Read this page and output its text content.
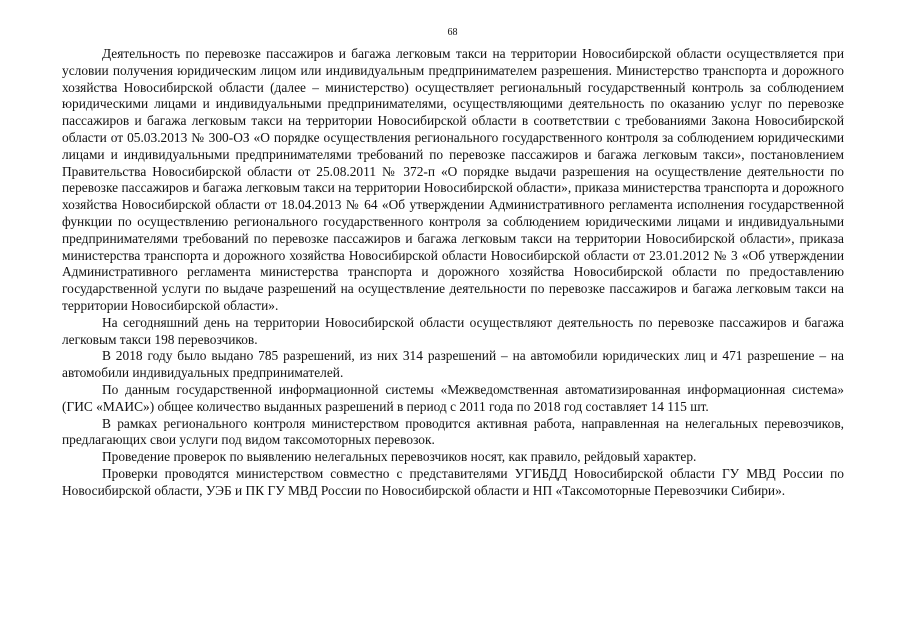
68

Деятельность по перевозке пассажиров и багажа легковым такси на территории Новосибирской области осуществляется при условии получения юридическим лицом или индивидуальным предпринимателем разрешения. Министерство транспорта и дорожного хозяйства Новосибирской области (далее – министерство) осуществляет региональный государственный контроль за соблюдением юридическими лицами и индивидуальными предпринимателями, осуществляющими деятельность по оказанию услуг по перевозке пассажиров и багажа легковым такси на территории Новосибирской области в соответствии с требованиями Закона Новосибирской области от 05.03.2013 № 300-ОЗ «О порядке осуществления регионального государственного контроля за соблюдением юридическими лицами и индивидуальными предпринимателями требований по перевозке пассажиров и багажа легковым такси», постановлением Правительства Новосибирской области от 25.08.2011 № 372-п «О порядке выдачи разрешения на осуществление деятельности по перевозке пассажиров и багажа легковым такси на территории Новосибирской области», приказа министерства транспорта и дорожного хозяйства Новосибирской области от 18.04.2013 № 64 «Об утверждении Административного регламента исполнения государственной функции по осуществлению регионального государственного контроля за соблюдением юридическими лицами и индивидуальными предпринимателями требований по перевозке пассажиров и багажа легковым такси на территории Новосибирской области», приказа министерства транспорта и дорожного хозяйства Новосибирской области Новосибирской области от 23.01.2012 № 3 «Об утверждении Административного регламента министерства транспорта и дорожного хозяйства Новосибирской области по предоставлению государственной услуги по выдаче разрешений на осуществление деятельности по перевозке пассажиров и багажа легковым такси на территории Новосибирской области».

На сегодняшний день на территории Новосибирской области осуществляют деятельность по перевозке пассажиров и багажа легковым такси 198 перевозчиков.

В 2018 году было выдано 785 разрешений, из них 314 разрешений – на автомобили юридических лиц и 471 разрешение – на автомобили индивидуальных предпринимателей.

По данным государственной информационной системы «Межведомственная автоматизированная информационная система» (ГИС «МАИС») общее количество выданных разрешений в период с 2011 года по 2018 год составляет 14 115 шт.

В рамках регионального контроля министерством проводится активная работа, направленная на нелегальных перевозчиков, предлагающих свои услуги под видом таксомоторных перевозок.

Проведение проверок по выявлению нелегальных перевозчиков носят, как правило, рейдовый характер.

Проверки проводятся министерством совместно с представителями УГИБДД Новосибирской области ГУ МВД России по Новосибирской области, УЭБ и ПК ГУ МВД России по Новосибирской области и НП «Таксомоторные Перевозчики Сибири».
